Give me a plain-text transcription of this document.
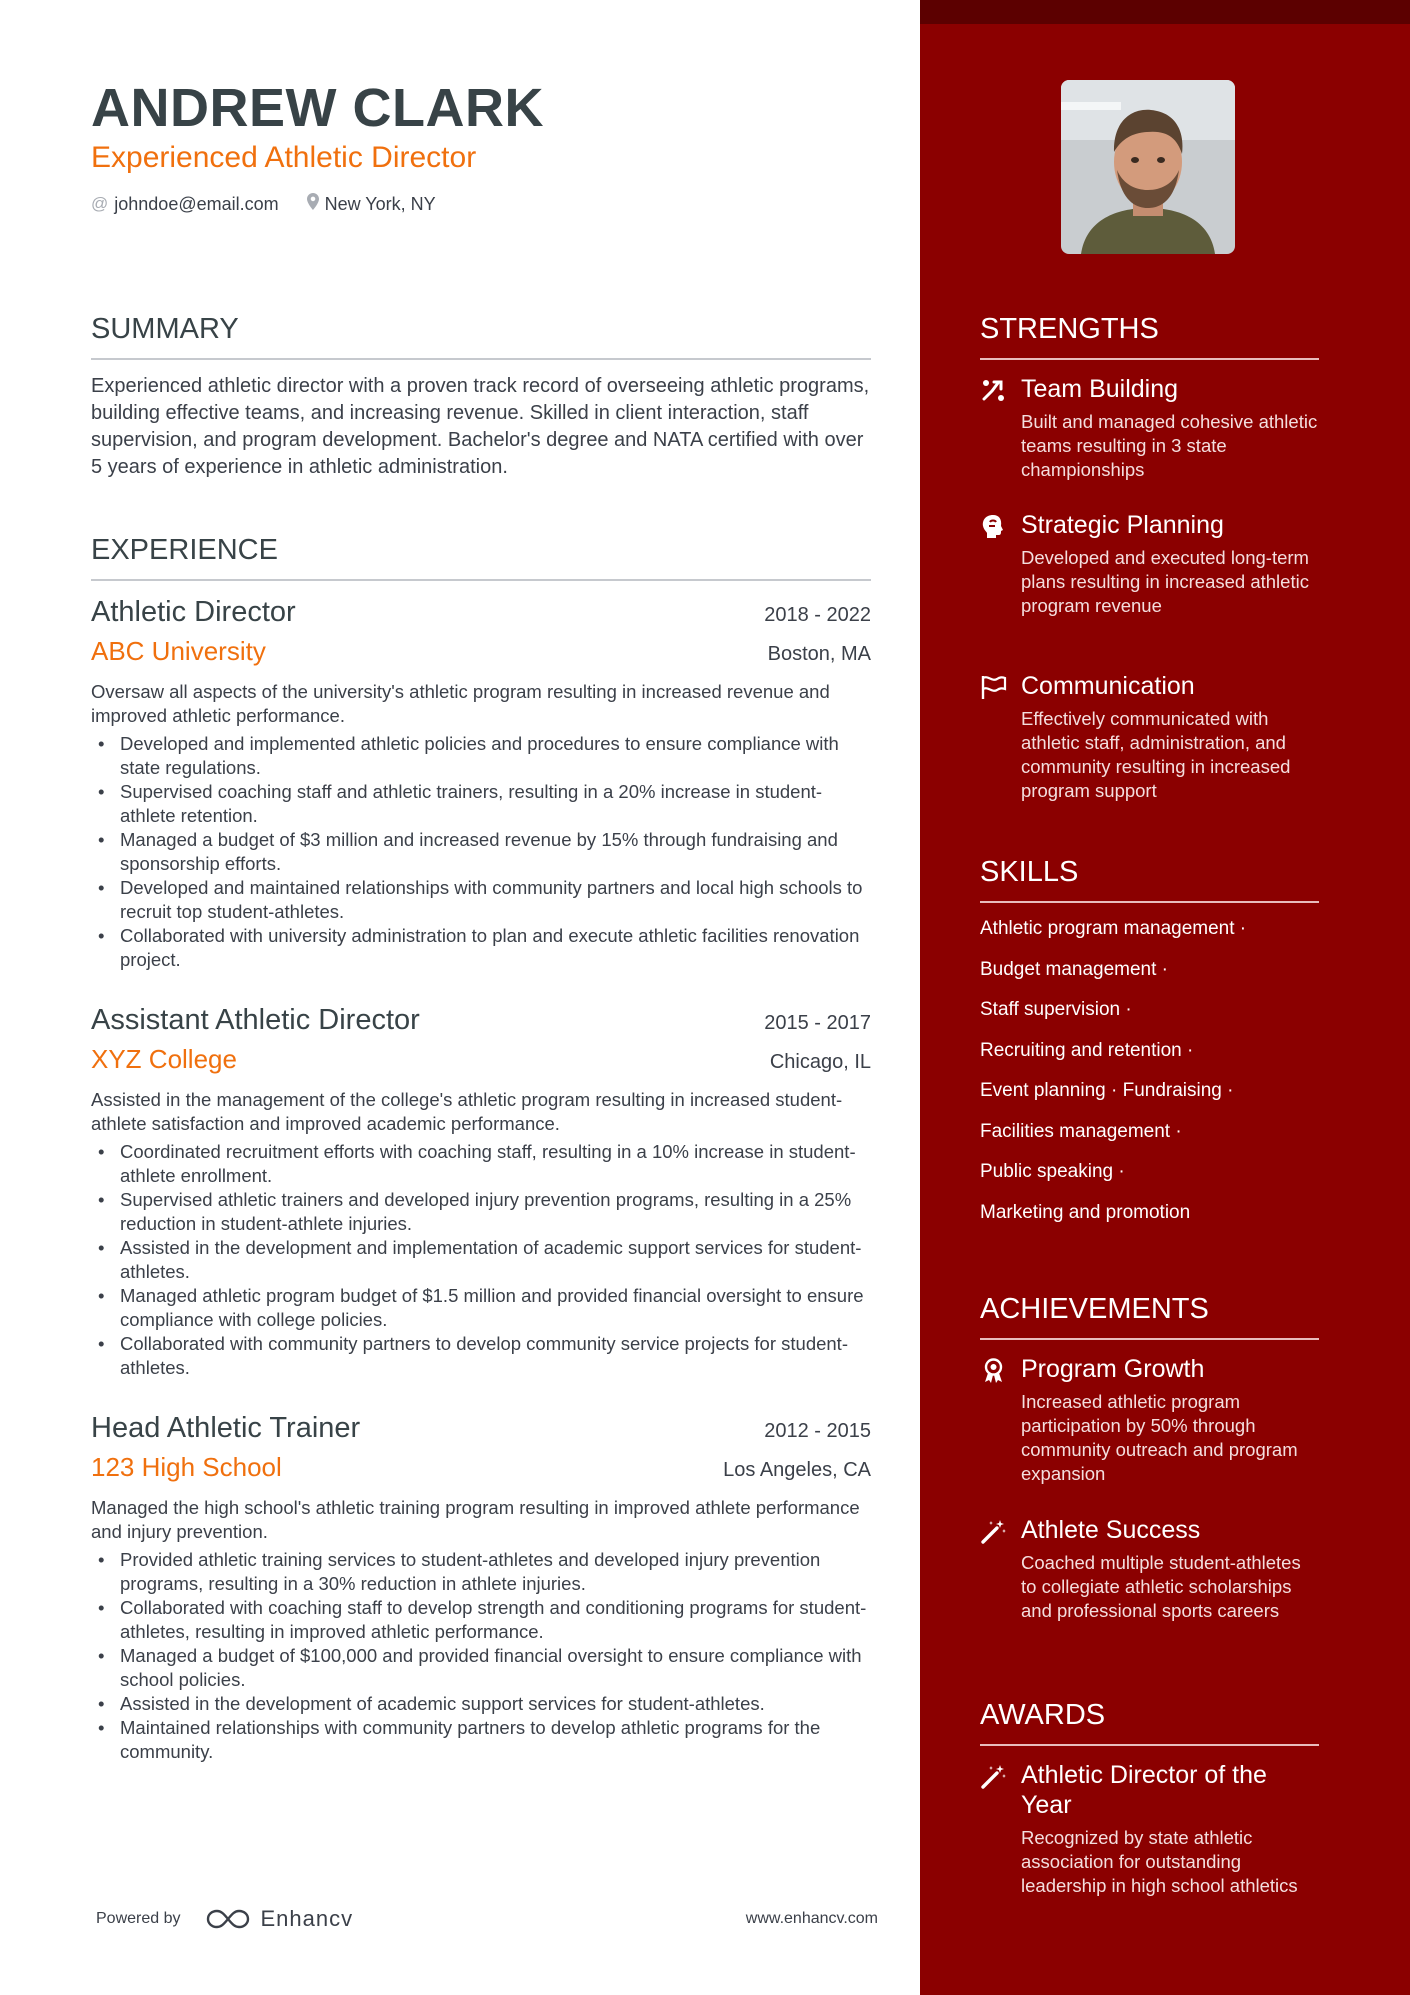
ANDREW CLARK
Experienced Athletic Director
@ johndoe@email.com	New York, NY
SUMMARY
Experienced athletic director with a proven track record of overseeing athletic programs, building effective teams, and increasing revenue. Skilled in client interaction, staff supervision, and program development. Bachelor's degree and NATA certified with over 5 years of experience in athletic administration.
EXPERIENCE
Athletic Director	2018 - 2022
ABC University	Boston, MA
Oversaw all aspects of the university's athletic program resulting in increased revenue and improved athletic performance.
• Developed and implemented athletic policies and procedures to ensure compliance with state regulations.
• Supervised coaching staff and athletic trainers, resulting in a 20% increase in student-athlete retention.
• Managed a budget of $3 million and increased revenue by 15% through fundraising and sponsorship efforts.
• Developed and maintained relationships with community partners and local high schools to recruit top student-athletes.
• Collaborated with university administration to plan and execute athletic facilities renovation project.
Assistant Athletic Director	2015 - 2017
XYZ College	Chicago, IL
Assisted in the management of the college's athletic program resulting in increased student-athlete satisfaction and improved academic performance.
• Coordinated recruitment efforts with coaching staff, resulting in a 10% increase in student-athlete enrollment.
• Supervised athletic trainers and developed injury prevention programs, resulting in a 25% reduction in student-athlete injuries.
• Assisted in the development and implementation of academic support services for student-athletes.
• Managed athletic program budget of $1.5 million and provided financial oversight to ensure compliance with college policies.
• Collaborated with community partners to develop community service projects for student-athletes.
Head Athletic Trainer	2012 - 2015
123 High School	Los Angeles, CA
Managed the high school's athletic training program resulting in improved athlete performance and injury prevention.
• Provided athletic training services to student-athletes and developed injury prevention programs, resulting in a 30% reduction in athlete injuries.
• Collaborated with coaching staff to develop strength and conditioning programs for student-athletes, resulting in improved athletic performance.
• Managed a budget of $100,000 and provided financial oversight to ensure compliance with school policies.
• Assisted in the development of academic support services for student-athletes.
• Maintained relationships with community partners to develop athletic programs for the community.
Powered by	Enhancv	www.enhancv.com
STRENGTHS
Team Building
Built and managed cohesive athletic teams resulting in 3 state championships
Strategic Planning
Developed and executed long-term plans resulting in increased athletic program revenue
Communication
Effectively communicated with athletic staff, administration, and community resulting in increased program support
SKILLS
Athletic program management ·
Budget management ·
Staff supervision ·
Recruiting and retention ·
Event planning · Fundraising ·
Facilities management ·
Public speaking ·
Marketing and promotion
ACHIEVEMENTS
Program Growth
Increased athletic program participation by 50% through community outreach and program expansion
Athlete Success
Coached multiple student-athletes to collegiate athletic scholarships and professional sports careers
AWARDS
Athletic Director of the Year
Recognized by state athletic association for outstanding leadership in high school athletics
